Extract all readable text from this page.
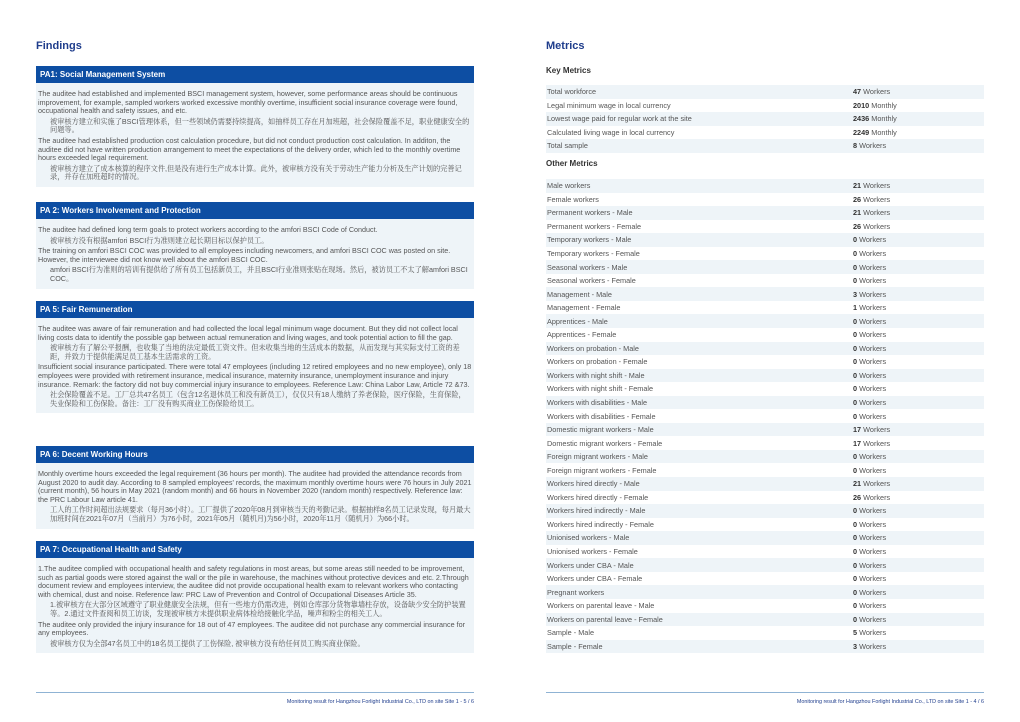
Findings
PA1: Social Management System

The auditee had established and implemented BSCI management system, however, some performance areas should be continuous improvement, for example, sampled workers worked excessive monthly overtime, insufficient social insurance coverage were found, occupational health and safety issues, and etc.

被审核方建立和实施了BSCI管理体系，但一些领域仍需要持续提高，如抽样员工存在月加班超，社会保险覆盖不足，职业健康安全的问题等。

The auditee had established production cost calculation procedure, but did not conduct production cost calculation. In additon, the auditee did not have written production arrangement to meet the expectations of the delivery order, which led to the monthly overtime hours exceeded legal requirement.

被审核方建立了成本核算的程序文件,但是没有进行生产成本计算。此外，被审核方没有关于劳动生产能力分析及生产计划的完善记录，并存在加班超时的情况。

PA 2: Workers Involvement and Protection

The auditee had defined long term goals to protect workers according to the amfori BSCI Code of Conduct.

被审核方没有根据amfori BSCI行为准则建立起长期目标以保护员工。

The training on amfori BSCI COC was provided to all employees including newcomers, and amfori BSCI COC was posted on site. However, the interviewee did not know well about the amfori BSCI COC.

amfori BSCI行为准则的培训有提供给了所有员工包括新员工，并且BSCI行业准则张贴在现场。然后，被访员工不太了解amfori BSCI COC。

PA 5: Fair Remuneration

The auditee was aware of fair remuneration and had collected the local legal minimum wage document. But they did not collect local living costs data to identify the possible gap between actual remuneration and living wages, and took potential action to fill the gap.

被审核方有了解公平报酬，也收集了当地的法定最低工资文件。但未收集当地的生活成本的数据，从而发现与其实际支付工资的差距，并致力于提供能满足员工基本生活需求的工资。

Insufficient social insurance participated. There were total 47 employees (including 12 retired employees and no new employee), only 18 employees were provided with retirement insurance, medical insurance, maternity insurance, unemployment insurance and injury insurance. Remark: the factory did not buy commercial injury insurance to employees. Reference Law: China Labor Law, Article 72 &73.

社会保险覆盖不足。工厂总共47名员工（包含12名退休员工和没有新员工），仅仅只有18人缴纳了养老保险，医疗保险，生育保险，失业保险和工伤保险。备注：工厂没有购买商业工伤保险给员工。

PA 6: Decent Working Hours

Monthly overtime hours exceeded the legal requirement (36 hours per month). The auditee had provided the attendance records from August 2020 to audit day. According to 8 sampled employees' records, the maximum monthly overtime hours were 76 hours in July 2021 (current month), 56 hours in May 2021 (random month) and 66 hours in November 2020 (random month) respectively. Reference law: the PRC Labour Law article 41.

工人的工作时间超出法规要求（每月36小时）。工厂提供了2020年08月到审核当天的考勤记录。根据抽样8名员工记录发现，每月最大加班时间在2021年07月（当前月）为76小时，2021年05月（随机月)为56小时，2020年11月（随机月）为66小时。

PA 7: Occupational Health and Safety

1.The auditee complied with occupational health and safety regulations in most areas, but some areas still needed to be improvement, such as partial goods were stored against the wall or the pile in warehouse, the machines without protective devices and etc. 2.Through document review and employees interview, the auditee did not provide occupational health exam to relevant workers who contacting with chemical, dust and noise. Reference law: PRC Law of Prevention and Control of Occupational Diseases Article 35.

1.被审核方在大部分区域遵守了职业健康安全法规，但有一些地方仍需改进，例如仓库部分货物靠墙柱存放，设备缺少安全防护装置等。2.通过文件查阅和员工访谈，发现被审核方未提供职业病体检给接触化学品，噪声和粉尘的相关工人。

The auditee only provided the injury insurance for 18 out of 47 employees. The auditee did not purchase any commercial insurance for any employees.

被审核方仅为全部47名员工中的18名员工提供了工伤保险, 被审核方没有给任何员工购买商业保险。

Monitoring result for Hangzhou Forlight Industrial Co., LTD on site Site 1 - 5 / 6
Metrics
Key Metrics
Total workforce	47 Workers
Legal minimum wage in local currency	2010 Monthly
Lowest wage paid for regular work at the site	2436 Monthly
Calculated living wage in local currency	2249 Monthly
Total sample	8 Workers
Other Metrics
Male workers	21 Workers
Female workers	26 Workers
Permanent workers - Male	21 Workers
Permanent workers - Female	26 Workers
Temporary workers - Male	0 Workers
Temporary workers - Female	0 Workers
Seasonal workers - Male	0 Workers
Seasonal workers - Female	0 Workers
Management - Male	3 Workers
Management - Female	1 Workers
Apprentices - Male	0 Workers
Apprentices - Female	0 Workers
Workers on probation - Male	0 Workers
Workers on probation - Female	0 Workers
Workers with night shift - Male	0 Workers
Workers with night shift - Female	0 Workers
Workers with disabilities - Male	0 Workers
Workers with disabilities - Female	0 Workers
Domestic migrant workers - Male	17 Workers
Domestic migrant workers - Female	17 Workers
Foreign migrant workers - Male	0 Workers
Foreign migrant workers - Female	0 Workers
Workers hired directly - Male	21 Workers
Workers hired directly - Female	26 Workers
Workers hired indirectly - Male	0 Workers
Workers hired indirectly - Female	0 Workers
Unionised workers - Male	0 Workers
Unionised workers - Female	0 Workers
Workers under CBA - Male	0 Workers
Workers under CBA - Female	0 Workers
Pregnant workers	0 Workers
Workers on parental leave - Male	0 Workers
Workers on parental leave - Female	0 Workers
Sample - Male	5 Workers
Sample - Female	3 Workers
Monitoring result for Hangzhou Forlight Industrial Co., LTD on site Site 1 - 4 / 6
